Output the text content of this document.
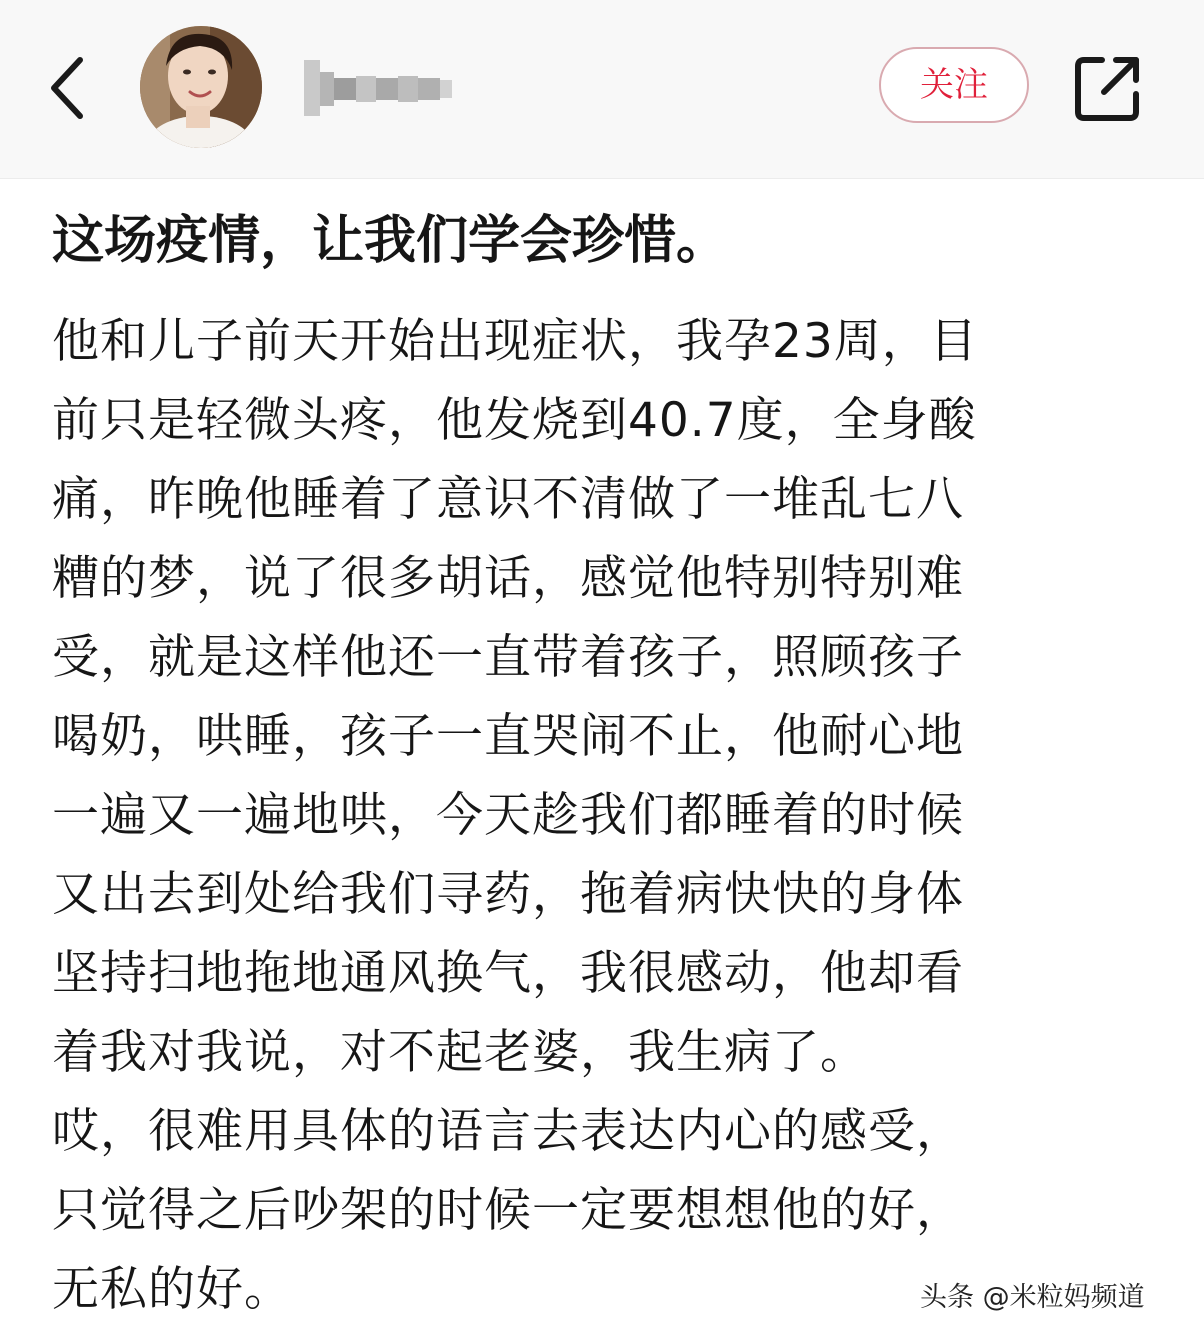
关注
这场疫情，让我们学会珍惜。
他和儿子前天开始出现症状，我孕23周，目
前只是轻微头疼，他发烧到40.7度，全身酸
痛，昨晚他睡着了意识不清做了一堆乱七八
糟的梦，说了很多胡话，感觉他特别特别难
受，就是这样他还一直带着孩子，照顾孩子
喝奶，哄睡，孩子一直哭闹不止，他耐心地
一遍又一遍地哄，今天趁我们都睡着的时候
又出去到处给我们寻药，拖着病快快的身体
坚持扫地拖地通风换气，我很感动，他却看
着我对我说，对不起老婆，我生病了。
哎，很难用具体的语言去表达内心的感受，
只觉得之后吵架的时候一定要想想他的好，
无私的好。	头条 @米粒妈频道
